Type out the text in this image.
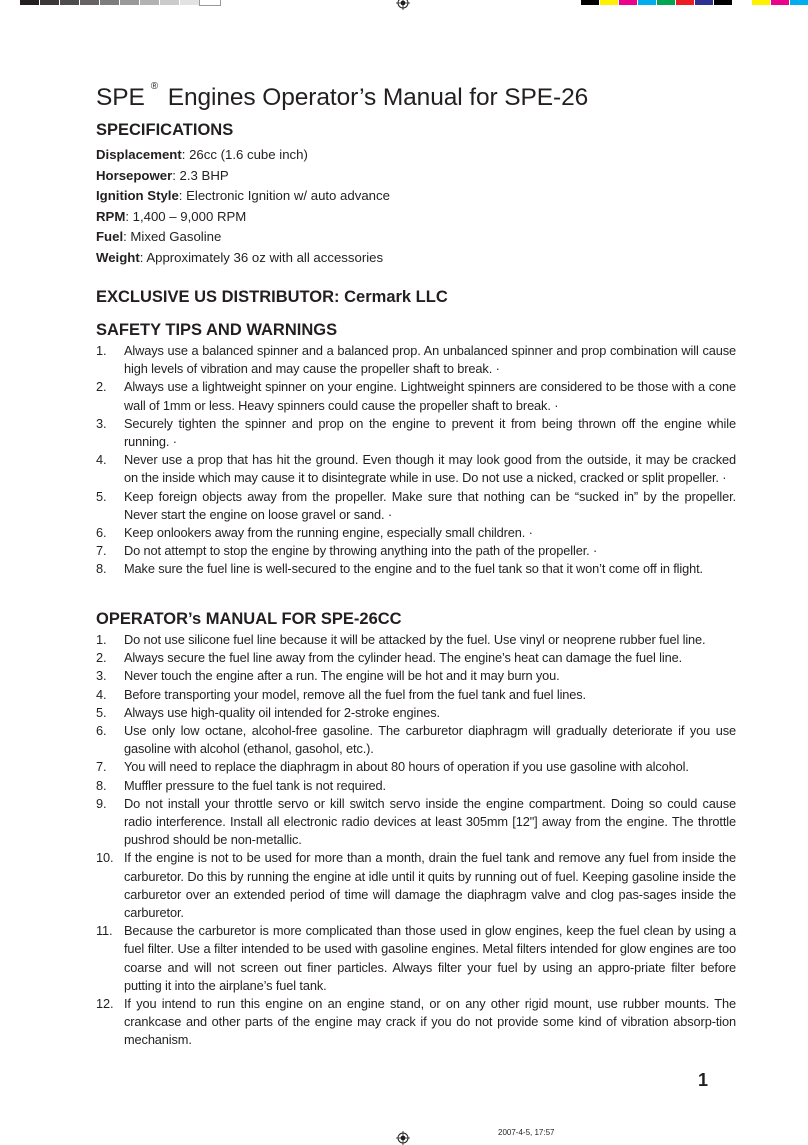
SPE ® Engines Operator’s Manual for SPE-26
SPECIFICATIONS
Displacement: 26cc (1.6 cube inch)
Horsepower: 2.3 BHP
Ignition Style: Electronic Ignition w/ auto advance
RPM: 1,400 – 9,000 RPM
Fuel: Mixed Gasoline
Weight: Approximately 36 oz with all accessories
EXCLUSIVE US DISTRIBUTOR: Cermark LLC
SAFETY TIPS AND WARNINGS
1. Always use a balanced spinner and a balanced prop. An unbalanced spinner and prop combination will cause high levels of vibration and may cause the propeller shaft to break. ·
2. Always use a lightweight spinner on your engine. Lightweight spinners are considered to be those with a cone wall of 1mm or less. Heavy spinners could cause the propeller shaft to break. ·
3. Securely tighten the spinner and prop on the engine to prevent it from being thrown off the engine while running. ·
4. Never use a prop that has hit the ground. Even though it may look good from the outside, it may be cracked on the inside which may cause it to disintegrate while in use. Do not use a nicked, cracked or split propeller. ·
5. Keep foreign objects away from the propeller. Make sure that nothing can be “sucked in” by the propeller. Never start the engine on loose gravel or sand. ·
6. Keep onlookers away from the running engine, especially small children. ·
7. Do not attempt to stop the engine by throwing anything into the path of the propeller. ·
8. Make sure the fuel line is well-secured to the engine and to the fuel tank so that it won’t come off in flight.
OPERATOR’s MANUAL FOR SPE-26CC
1. Do not use silicone fuel line because it will be attacked by the fuel. Use vinyl or neoprene rubber fuel line.
2. Always secure the fuel line away from the cylinder head. The engine’s heat can damage the fuel line.
3. Never touch the engine after a run. The engine will be hot and it may burn you.
4. Before transporting your model, remove all the fuel from the fuel tank and fuel lines.
5. Always use high-quality oil intended for 2-stroke engines.
6. Use only low octane, alcohol-free gasoline. The carburetor diaphragm will gradually deteriorate if you use gasoline with alcohol (ethanol, gasohol, etc.).
7. You will need to replace the diaphragm in about 80 hours of operation if you use gasoline with alcohol.
8. Muffler pressure to the fuel tank is not required.
9. Do not install your throttle servo or kill switch servo inside the engine compartment. Doing so could cause radio interference. Install all electronic radio devices at least 305mm [12"] away from the engine. The throttle pushrod should be non-metallic.
10. If the engine is not to be used for more than a month, drain the fuel tank and remove any fuel from inside the carburetor. Do this by running the engine at idle until it quits by running out of fuel. Keeping gasoline inside the carburetor over an extended period of time will damage the diaphragm valve and clog pas-sages inside the carburetor.
11. Because the carburetor is more complicated than those used in glow engines, keep the fuel clean by using a fuel filter. Use a filter intended to be used with gasoline engines. Metal filters intended for glow engines are too coarse and will not screen out finer particles. Always filter your fuel by using an appro-priate filter before putting it into the airplane’s fuel tank.
12. If you intend to run this engine on an engine stand, or on any other rigid mount, use rubber mounts. The crankcase and other parts of the engine may crack if you do not provide some kind of vibration absorp-tion mechanism.
1
2007-4-5, 17:57
